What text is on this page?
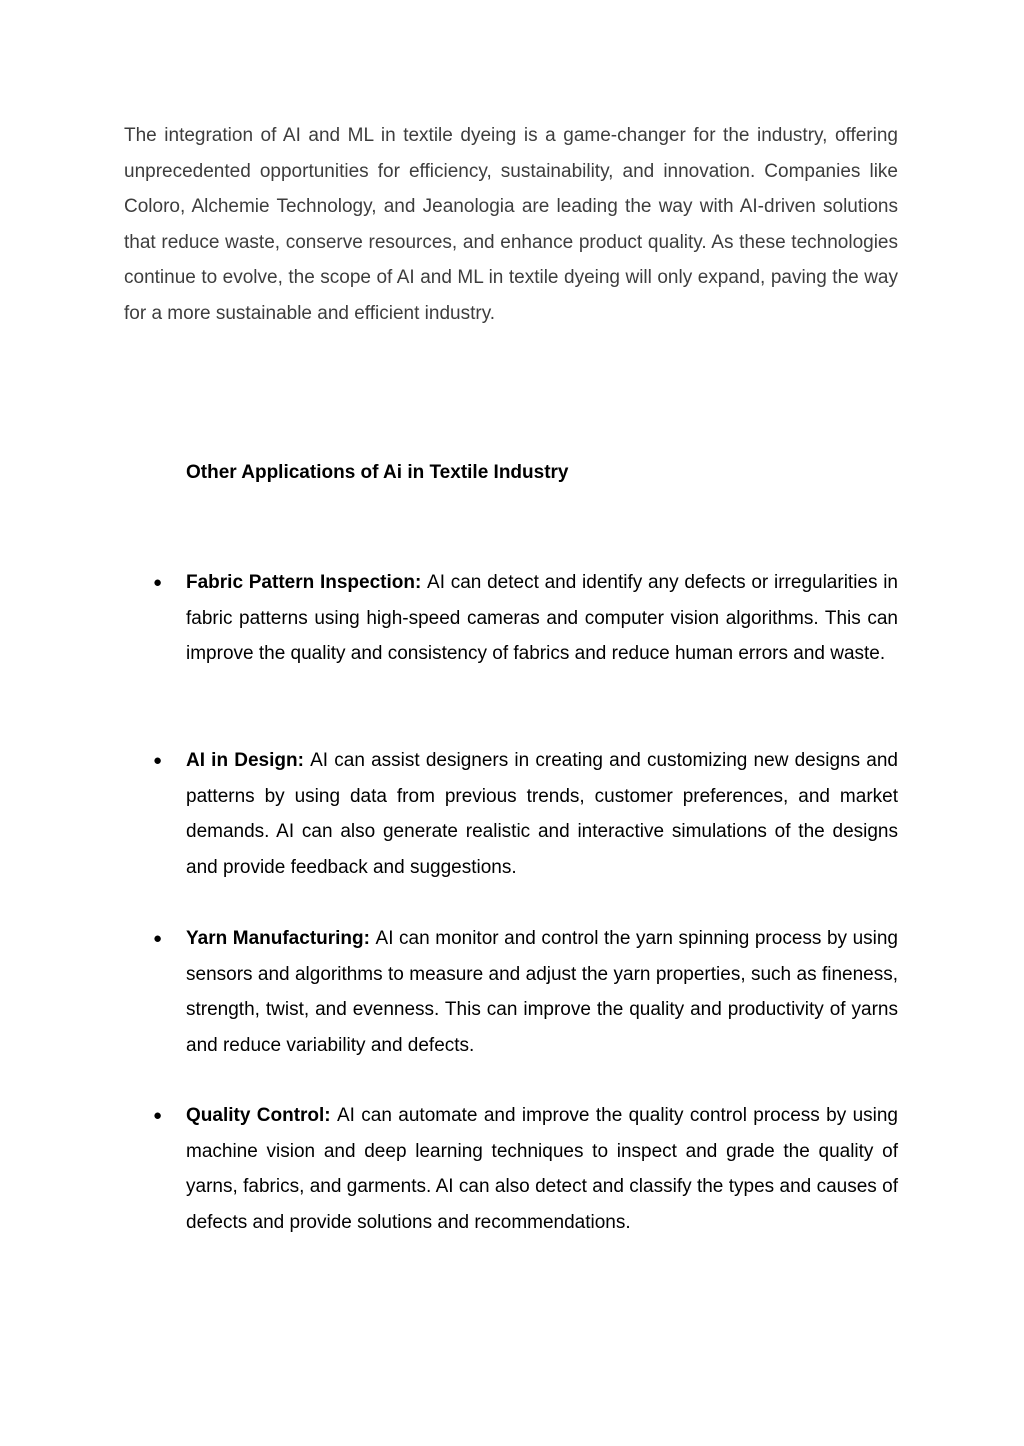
The integration of AI and ML in textile dyeing is a game-changer for the industry, offering unprecedented opportunities for efficiency, sustainability, and innovation. Companies like Coloro, Alchemie Technology, and Jeanologia are leading the way with AI-driven solutions that reduce waste, conserve resources, and enhance product quality. As these technologies continue to evolve, the scope of AI and ML in textile dyeing will only expand, paving the way for a more sustainable and efficient industry.

Other Applications of Ai in Textile Industry
● Fabric Pattern Inspection: AI can detect and identify any defects or irregularities in fabric patterns using high-speed cameras and computer vision algorithms. This can improve the quality and consistency of fabrics and reduce human errors and waste.
● AI in Design: AI can assist designers in creating and customizing new designs and patterns by using data from previous trends, customer preferences, and market demands. AI can also generate realistic and interactive simulations of the designs and provide feedback and suggestions.
● Yarn Manufacturing: AI can monitor and control the yarn spinning process by using sensors and algorithms to measure and adjust the yarn properties, such as fineness, strength, twist, and evenness. This can improve the quality and productivity of yarns and reduce variability and defects.
● Quality Control: AI can automate and improve the quality control process by using machine vision and deep learning techniques to inspect and grade the quality of yarns, fabrics, and garments. AI can also detect and classify the types and causes of defects and provide solutions and recommendations.
